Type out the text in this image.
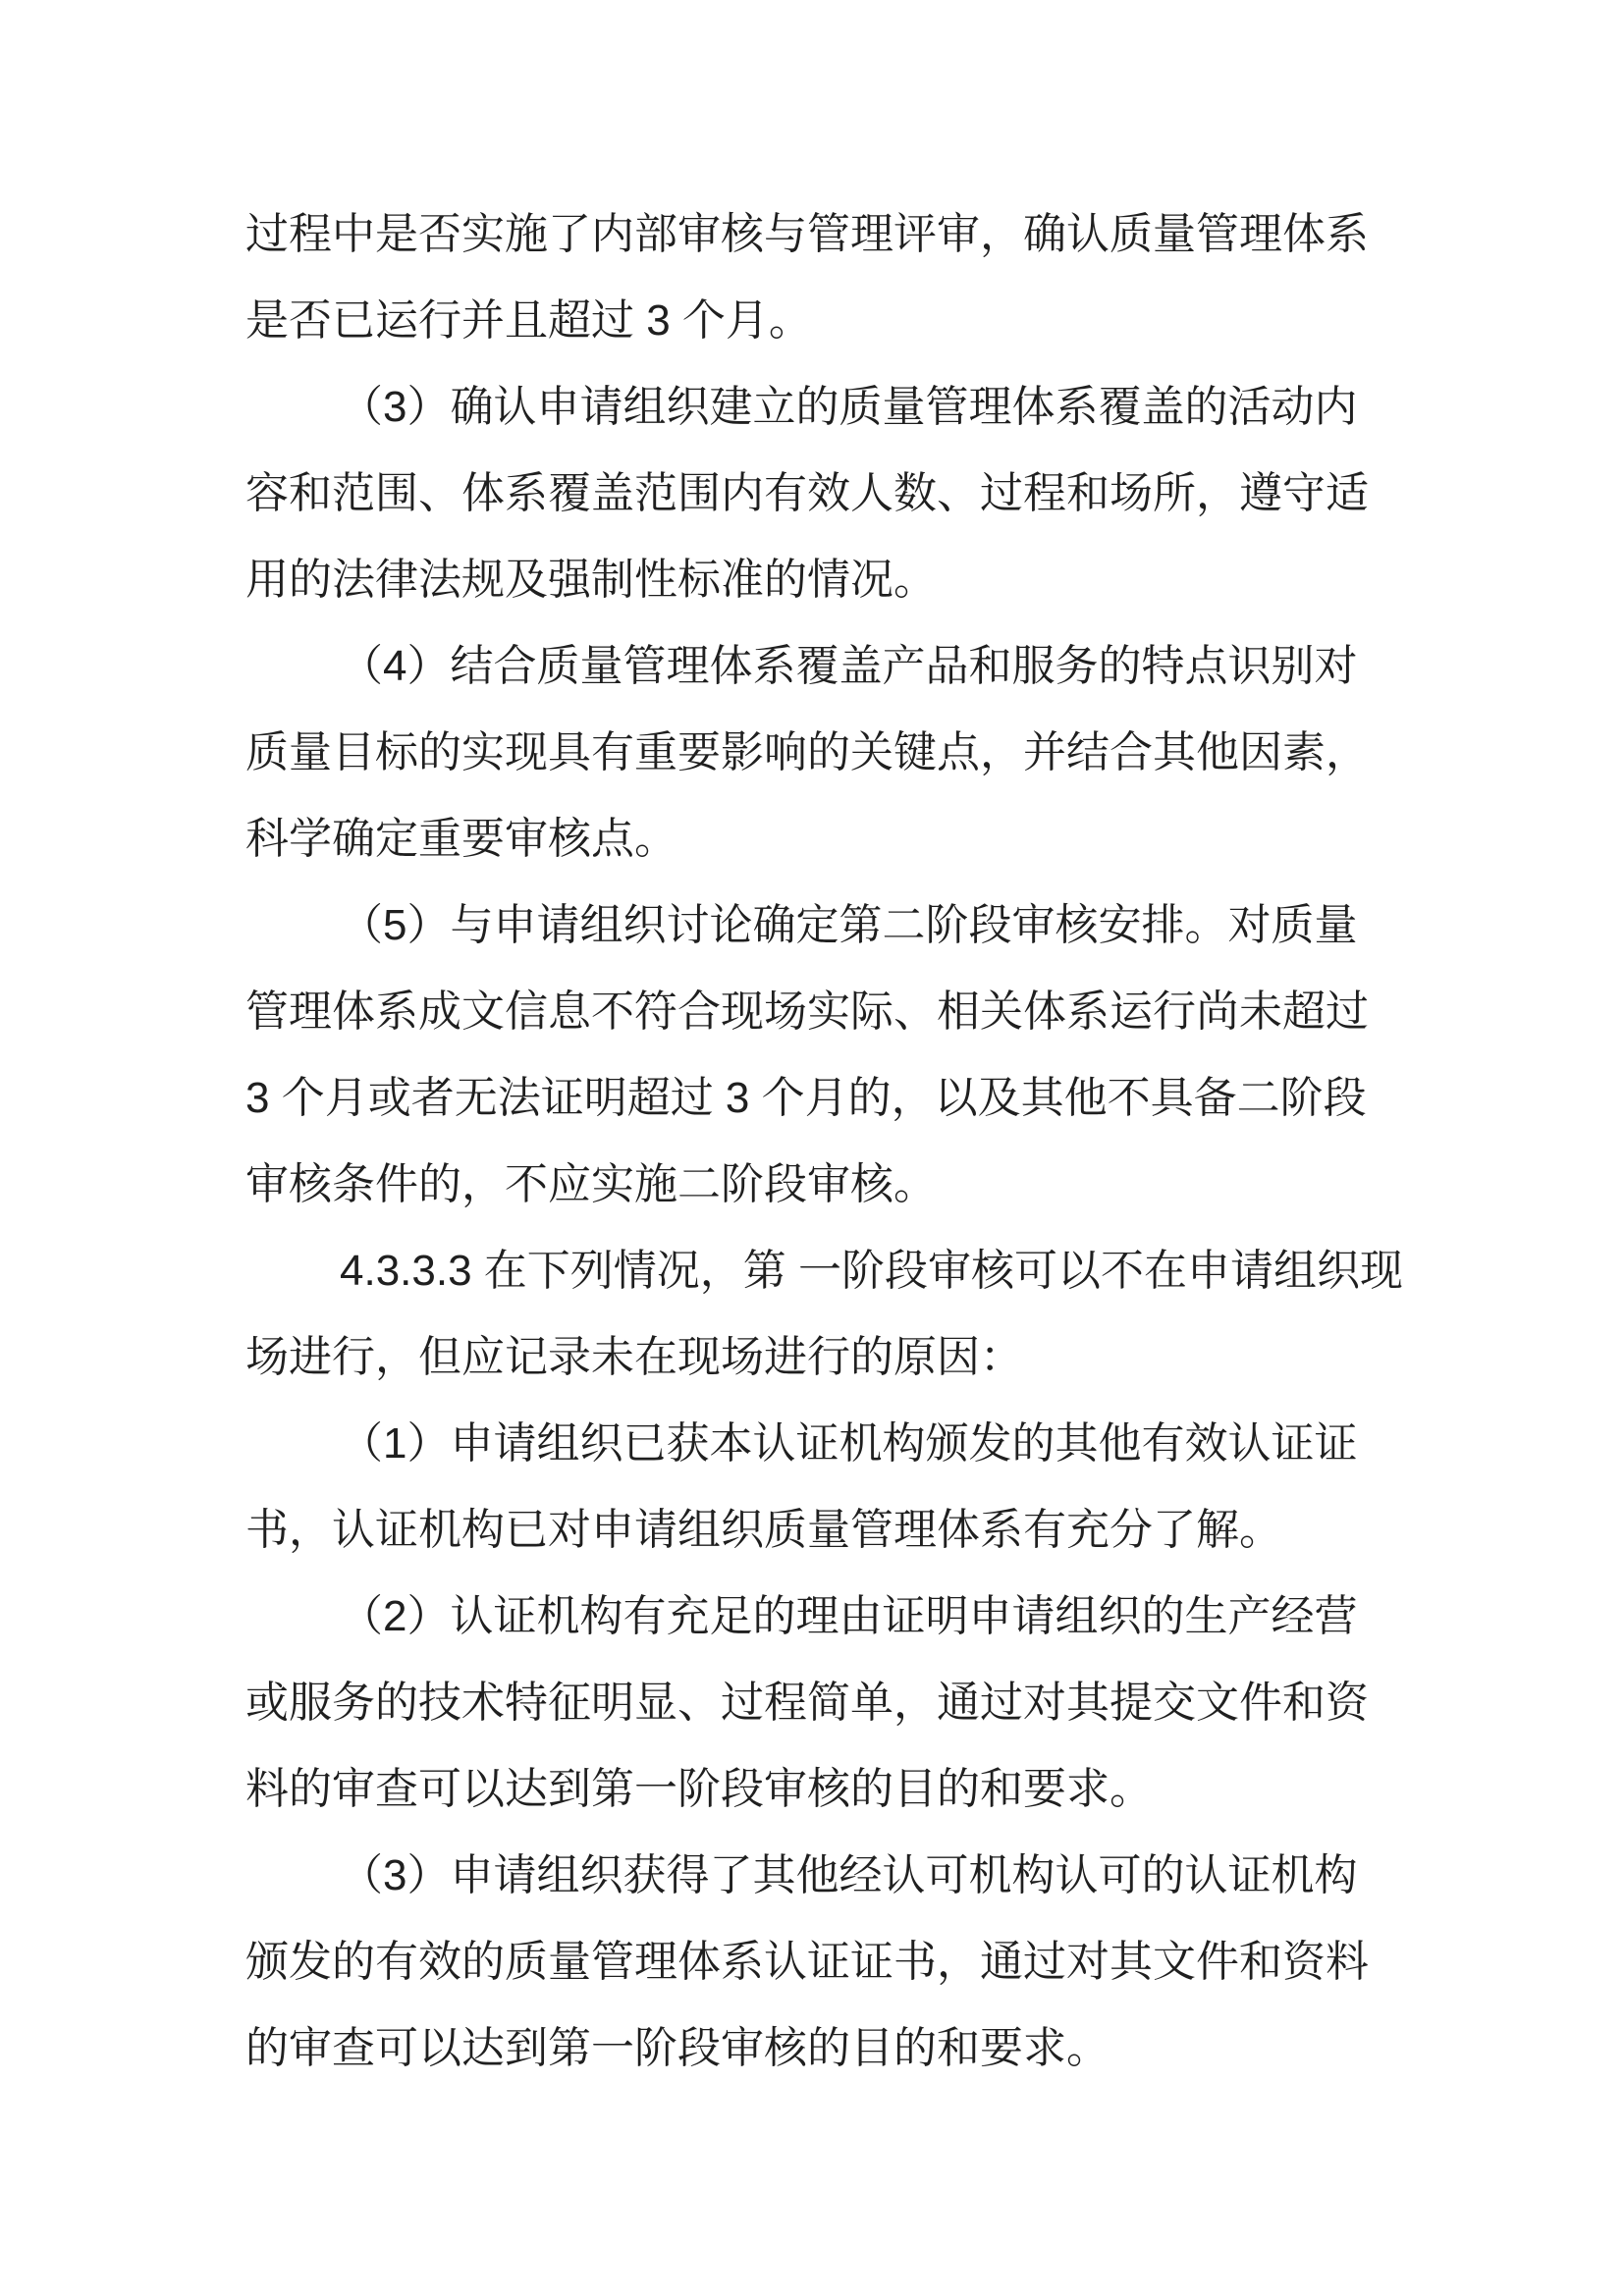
过程中是否实施了内部审核与管理评审，确认质量管理体系
是否已运行并且超过 3 个月。
（3）确认申请组织建立的质量管理体系覆盖的活动内
容和范围、体系覆盖范围内有效人数、过程和场所，遵守适
用的法律法规及强制性标准的情况。
（4）结合质量管理体系覆盖产品和服务的特点识别对
质量目标的实现具有重要影响的关键点，并结合其他因素，
科学确定重要审核点。
（5）与申请组织讨论确定第二阶段审核安排。对质量
管理体系成文信息不符合现场实际、相关体系运行尚未超过
3 个月或者无法证明超过 3 个月的，以及其他不具备二阶段
审核条件的，不应实施二阶段审核。
4.3.3.3 在下列情况，第 一阶段审核可以不在申请组织现
场进行，但应记录未在现场进行的原因：
（1）申请组织已获本认证机构颁发的其他有效认证证
书，认证机构已对申请组织质量管理体系有充分了解。
（2）认证机构有充足的理由证明申请组织的生产经营
或服务的技术特征明显、过程简单，通过对其提交文件和资
料的审查可以达到第一阶段审核的目的和要求。
（3）申请组织获得了其他经认可机构认可的认证机构
颁发的有效的质量管理体系认证证书，通过对其文件和资料
的审查可以达到第一阶段审核的目的和要求。
